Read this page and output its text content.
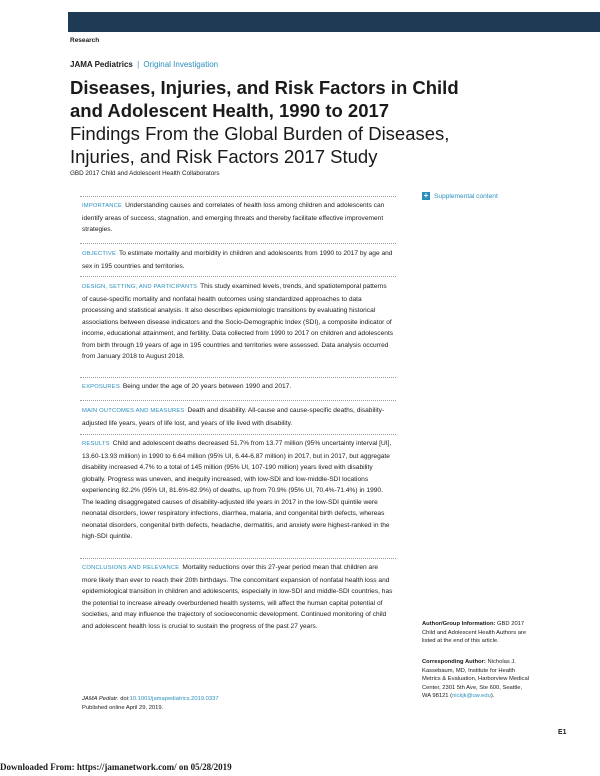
Research
JAMA Pediatrics | Original Investigation
Diseases, Injuries, and Risk Factors in Child and Adolescent Health, 1990 to 2017
Findings From the Global Burden of Diseases, Injuries, and Risk Factors 2017 Study
GBD 2017 Child and Adolescent Health Collaborators
+ Supplemental content
IMPORTANCE Understanding causes and correlates of health loss among children and adolescents can identify areas of success, stagnation, and emerging threats and thereby facilitate effective improvement strategies.
OBJECTIVE To estimate mortality and morbidity in children and adolescents from 1990 to 2017 by age and sex in 195 countries and territories.
DESIGN, SETTING, AND PARTICIPANTS This study examined levels, trends, and spatiotemporal patterns of cause-specific mortality and nonfatal health outcomes using standardized approaches to data processing and statistical analysis. It also describes epidemiologic transitions by evaluating historical associations between disease indicators and the Socio-Demographic Index (SDI), a composite indicator of income, educational attainment, and fertility. Data collected from 1990 to 2017 on children and adolescents from birth through 19 years of age in 195 countries and territories were assessed. Data analysis occurred from January 2018 to August 2018.
EXPOSURES Being under the age of 20 years between 1990 and 2017.
MAIN OUTCOMES AND MEASURES Death and disability. All-cause and cause-specific deaths, disability-adjusted life years, years of life lost, and years of life lived with disability.
RESULTS Child and adolescent deaths decreased 51.7% from 13.77 million (95% uncertainty interval [UI], 13.60-13.93 million) in 1990 to 6.64 million (95% UI, 6.44-6.87 million) in 2017, but in 2017, but aggregate disability increased 4.7% to a total of 145 million (95% UI, 107-190 million) years lived with disability globally. Progress was uneven, and inequity increased, with low-SDI and low-middle-SDI locations experiencing 82.2% (95% UI, 81.6%-82.9%) of deaths, up from 70.9% (95% UI, 70.4%-71.4%) in 1990. The leading disaggregated causes of disability-adjusted life years in 2017 in the low-SDI quintile were neonatal disorders, lower respiratory infections, diarrhea, malaria, and congenital birth defects, whereas neonatal disorders, congenital birth defects, headache, dermatitis, and anxiety were highest-ranked in the high-SDI quintile.
CONCLUSIONS AND RELEVANCE Mortality reductions over this 27-year period mean that children are more likely than ever to reach their 20th birthdays. The concomitant expansion of nonfatal health loss and epidemiological transition in children and adolescents, especially in low-SDI and middle-SDI countries, has the potential to increase already overburdened health systems, will affect the human capital potential of societies, and may influence the trajectory of socioeconomic development. Continued monitoring of child and adolescent health loss is crucial to sustain the progress of the past 27 years.	Author/Group Information: GBD 2017 Child and Adolescent Health Authors are listed at the end of this article.
Corresponding Author: Nicholas J. Kassebaum, MD, Institute for Health Metrics & Evaluation, Harborview Medical Center, 2301 5th Ave, Ste 600, Seattle, WA 98121 (nickjk@uw.edu).
JAMA Pediatr. doi:10.1001/jamapediatrics.2019.0337
Published online April 29, 2019.
E1
Downloaded From: https://jamanetwork.com/ on 05/28/2019
